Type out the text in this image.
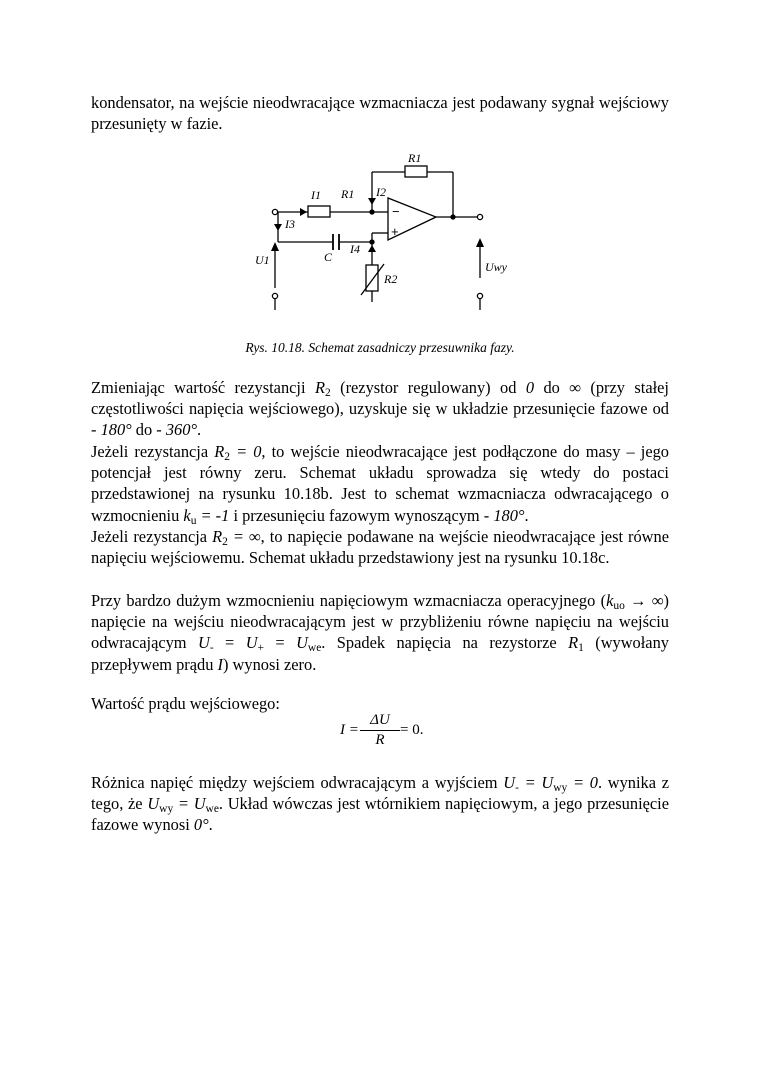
kondensator, na wejście nieodwracające wzmacniacza jest podawany sygnał wejściowy przesunięty w fazie.

R1
R1
I1	I2
I3
I4
C
U1	Uwy
R2
−
+
Rys. 10.18. Schemat zasadniczy przesuwnika fazy.

Zmieniając wartość rezystancji $R_2$ (rezystor regulowany) od 0 do ∞ (przy stałej częstotliwości napięcia wejściowego), uzyskuje się w układzie przesunięcie fazowe od - 180° do - 360°.

Jeżeli rezystancja $R_2 = 0$, to wejście nieodwracające jest podłączone do masy – jego potencjał jest równy zeru. Schemat układu sprowadza się wtedy do postaci przedstawionej na rysunku 10.18b. Jest to schemat wzmacniacza odwracającego o wzmocnieniu $k_u = -1$ i przesunięciu fazowym wynoszącym - 180°.

Jeżeli rezystancja $R_2$ = ∞, to napięcie podawane na wejście nieodwracające jest równe napięciu wejściowemu. Schemat układu przedstawiony jest na rysunku 10.18c.

Przy bardzo dużym wzmocnieniu napięciowym wzmacniacza operacyjnego ($k_{uo}$ → ∞) napięcie na wejściu nieodwracającym jest w przybliżeniu równe napięciu na wejściu odwracającym $U_- = U_+ = U_{we}$. Spadek napięcia na rezystorze $R_1$ (wywołany przepływem prądu I) wynosi zero.

Wartość prądu wejściowego:

I =
ΔU
R
= 0.

Różnica napięć między wejściem odwracającym a wyjściem $U_- = U_{wy} = 0$. wynika z tego, że $U_{wy} = U_{we}$. Układ wówczas jest wtórnikiem napięciowym, a jego przesunięcie fazowe wynosi 0°.
